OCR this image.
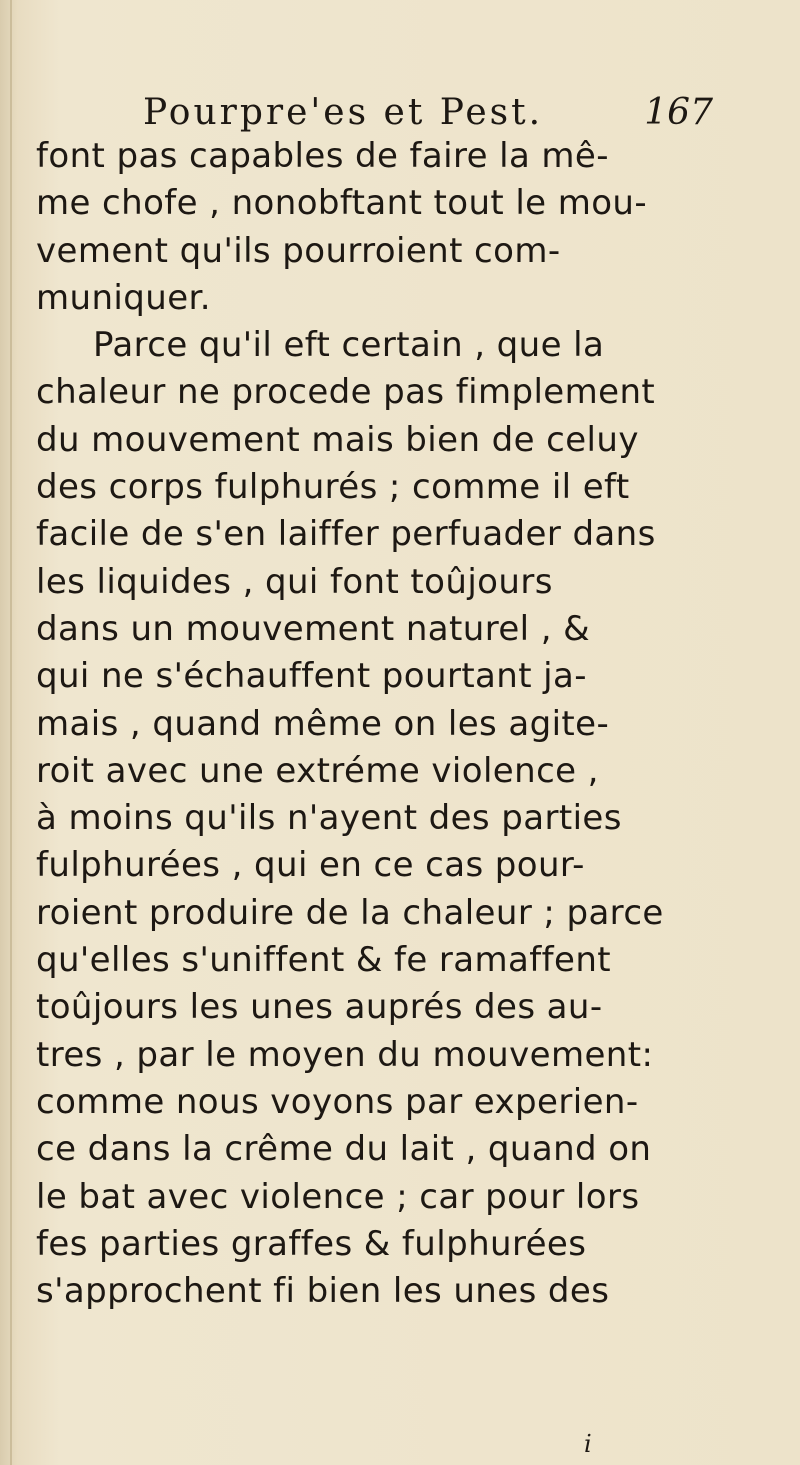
Pourpre'es et Pest.	167
font pas capables de faire la mê-
me chofe , nonobftant tout le mou-
vement qu'ils pourroient com-
muniquer.
Parce qu'il eft certain , que la
chaleur ne procede pas fimplement
du mouvement mais bien de celuy
des corps fulphurés ; comme il eft
facile de s'en laiffer perfuader dans
les liquides , qui font toûjours
dans un mouvement naturel , &
qui ne s'échauffent pourtant ja-
mais , quand même on les agite-
roit avec une extréme violence ,
à moins qu'ils n'ayent des parties
fulphurées , qui en ce cas pour-
roient produire de la chaleur ; parce
qu'elles s'uniffent & fe ramaffent
toûjours les unes auprés des au-
tres , par le moyen du mouvement:
comme nous voyons par experien-
ce dans la crême du lait , quand on
le bat avec violence ; car pour lors
fes parties graffes & fulphurées
s'approchent fi bien les unes des
i
